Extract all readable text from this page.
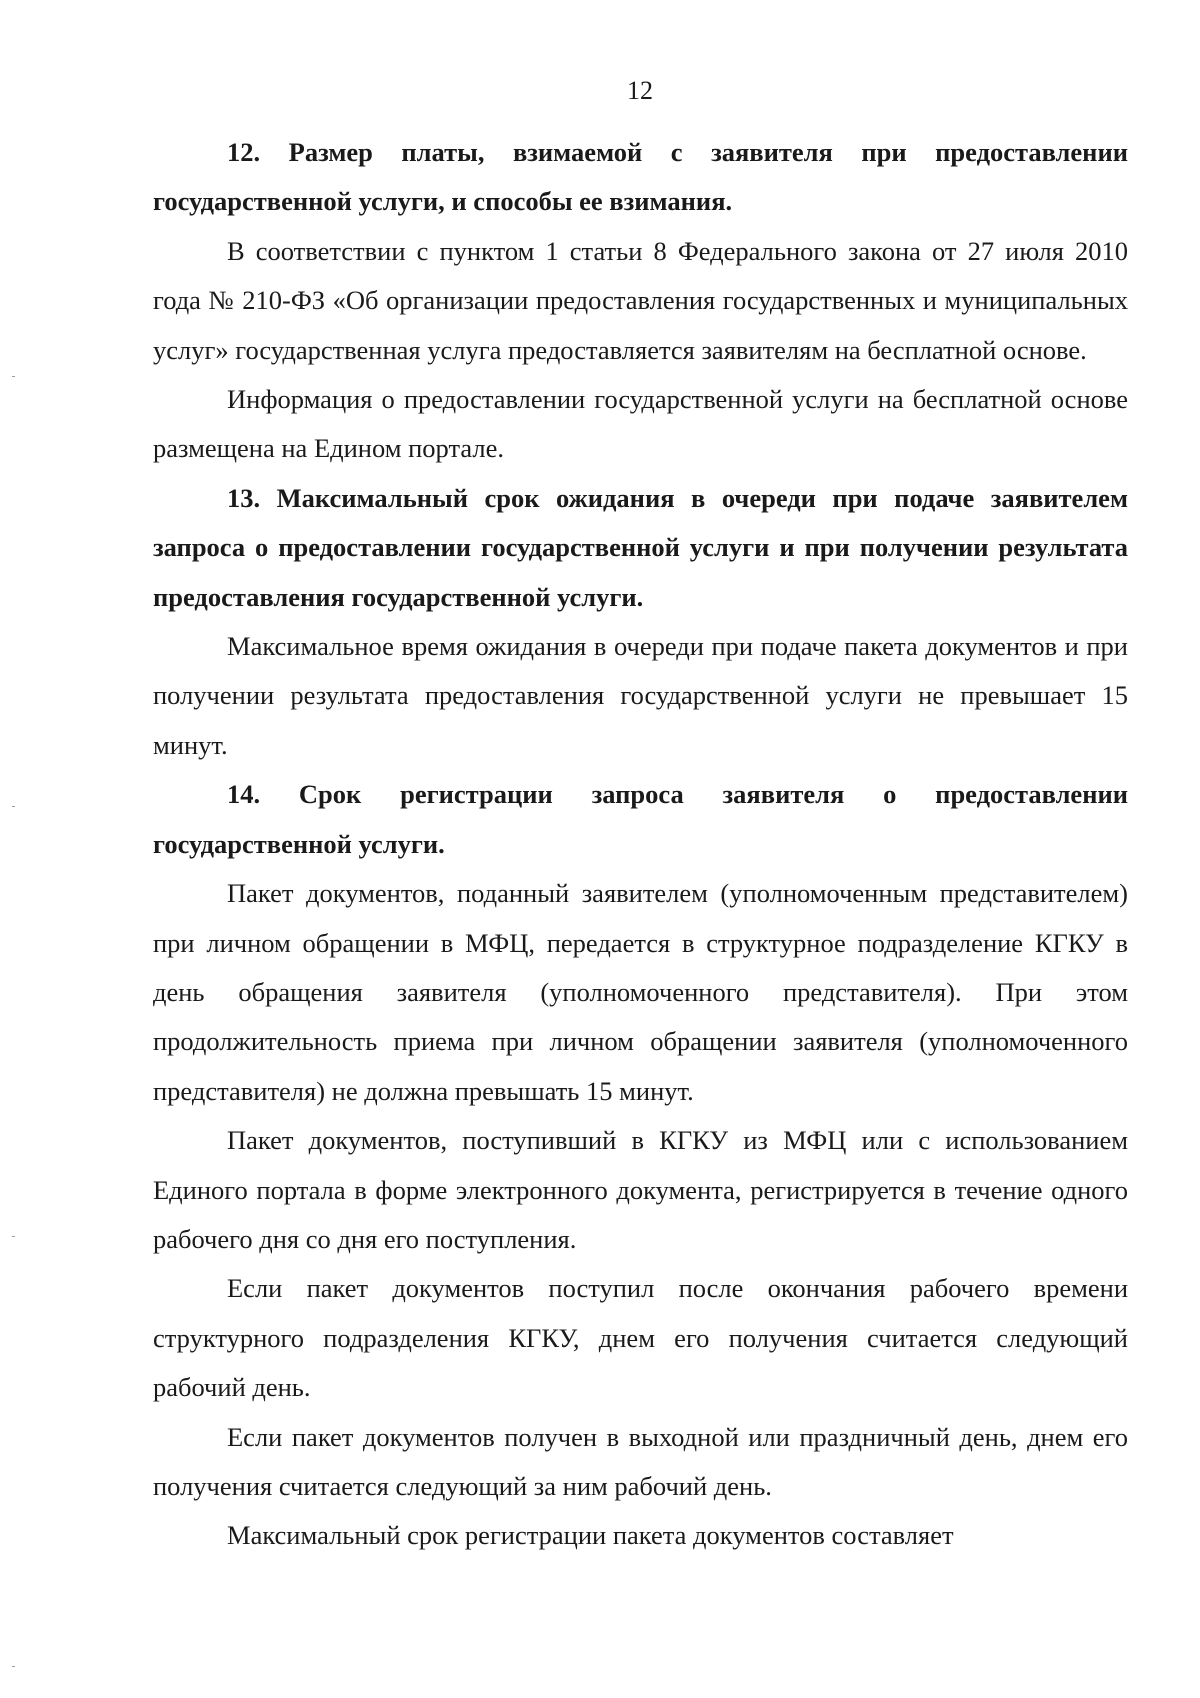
12

12. Размер платы, взимаемой с заявителя при предоставлении государственной услуги, и способы ее взимания.

В соответствии с пунктом 1 статьи 8 Федерального закона от 27 июля 2010 года № 210-ФЗ «Об организации предоставления государственных и муниципальных услуг» государственная услуга предоставляется заявителям на бесплатной основе.

Информация о предоставлении государственной услуги на бесплатной основе размещена на Едином портале.

13. Максимальный срок ожидания в очереди при подаче заявителем запроса о предоставлении государственной услуги и при получении результата предоставления государственной услуги.

Максимальное время ожидания в очереди при подаче пакета документов и при получении результата предоставления государственной услуги не превышает 15 минут.

14. Срок регистрации запроса заявителя о предоставлении государственной услуги.

Пакет документов, поданный заявителем (уполномоченным представителем) при личном обращении в МФЦ, передается в структурное подразделение КГКУ в день обращения заявителя (уполномоченного представителя). При этом продолжительность приема при личном обращении заявителя (уполномоченного представителя) не должна превышать 15 минут.

Пакет документов, поступивший в КГКУ из МФЦ или с использованием Единого портала в форме электронного документа, регистрируется в течение одного рабочего дня со дня его поступления.

Если пакет документов поступил после окончания рабочего времени структурного подразделения КГКУ, днем его получения считается следующий рабочий день.

Если пакет документов получен в выходной или праздничный день, днем его получения считается следующий за ним рабочий день.

Максимальный срок регистрации пакета документов составляет
